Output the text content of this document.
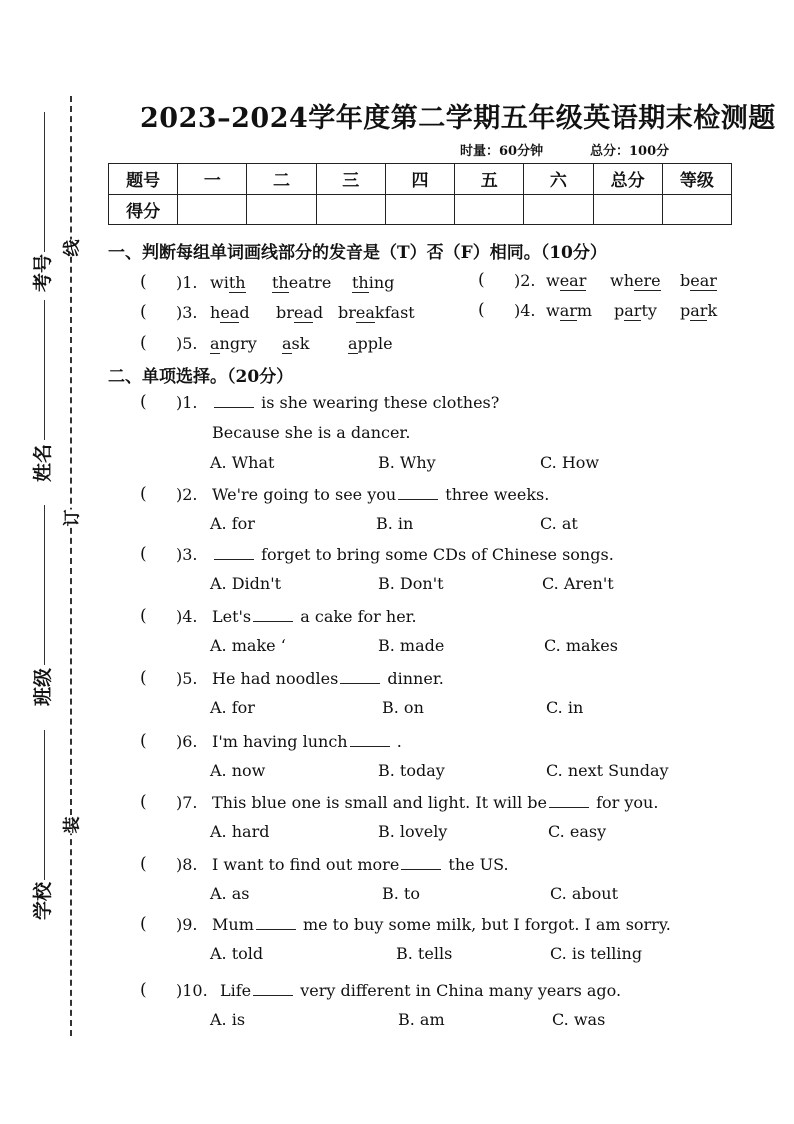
线
订
装
考号
姓名
班级
学校
2023–2024学年度第二学期五年级英语期末检测题
时量：60分钟	总分：100分
题号	一	二	三	四	五	六	总分	等级
得分								
一、判断每组单词画线部分的发音是（T）否（F）相同。（10分）
( )1. with theatre thing	( )2. wear where bear
( )3. head bread breakfast	( )4. warm party park
( )5. angry ask apple
二、单项选择。（20分）
( )1.	is she wearing these clothes?
Because she is a dancer.
A. What	B. Why	C. How
( )2. We're going to see you	three weeks.
A. for	B. in	C. at
( )3.	forget to bring some CDs of Chinese songs.
A. Didn't	B. Don't	C. Aren't
( )4. Let's	a cake for her.
A. make ‘	B. made	C. makes
( )5. He had noodles	dinner.
A. for	B. on	C. in
( )6. I'm having lunch	.
A. now	B. today	C. next Sunday
( )7. This blue one is small and light. It will be	for you.
A. hard	B. lovely	C. easy
( )8. I want to find out more	the US.
A. as	B. to	C. about
( )9. Mum	me to buy some milk, but I forgot. I am sorry.
A. told	B. tells	C. is telling
( )10. Life	very different in China many years ago.
A. is	B. am	C. was
